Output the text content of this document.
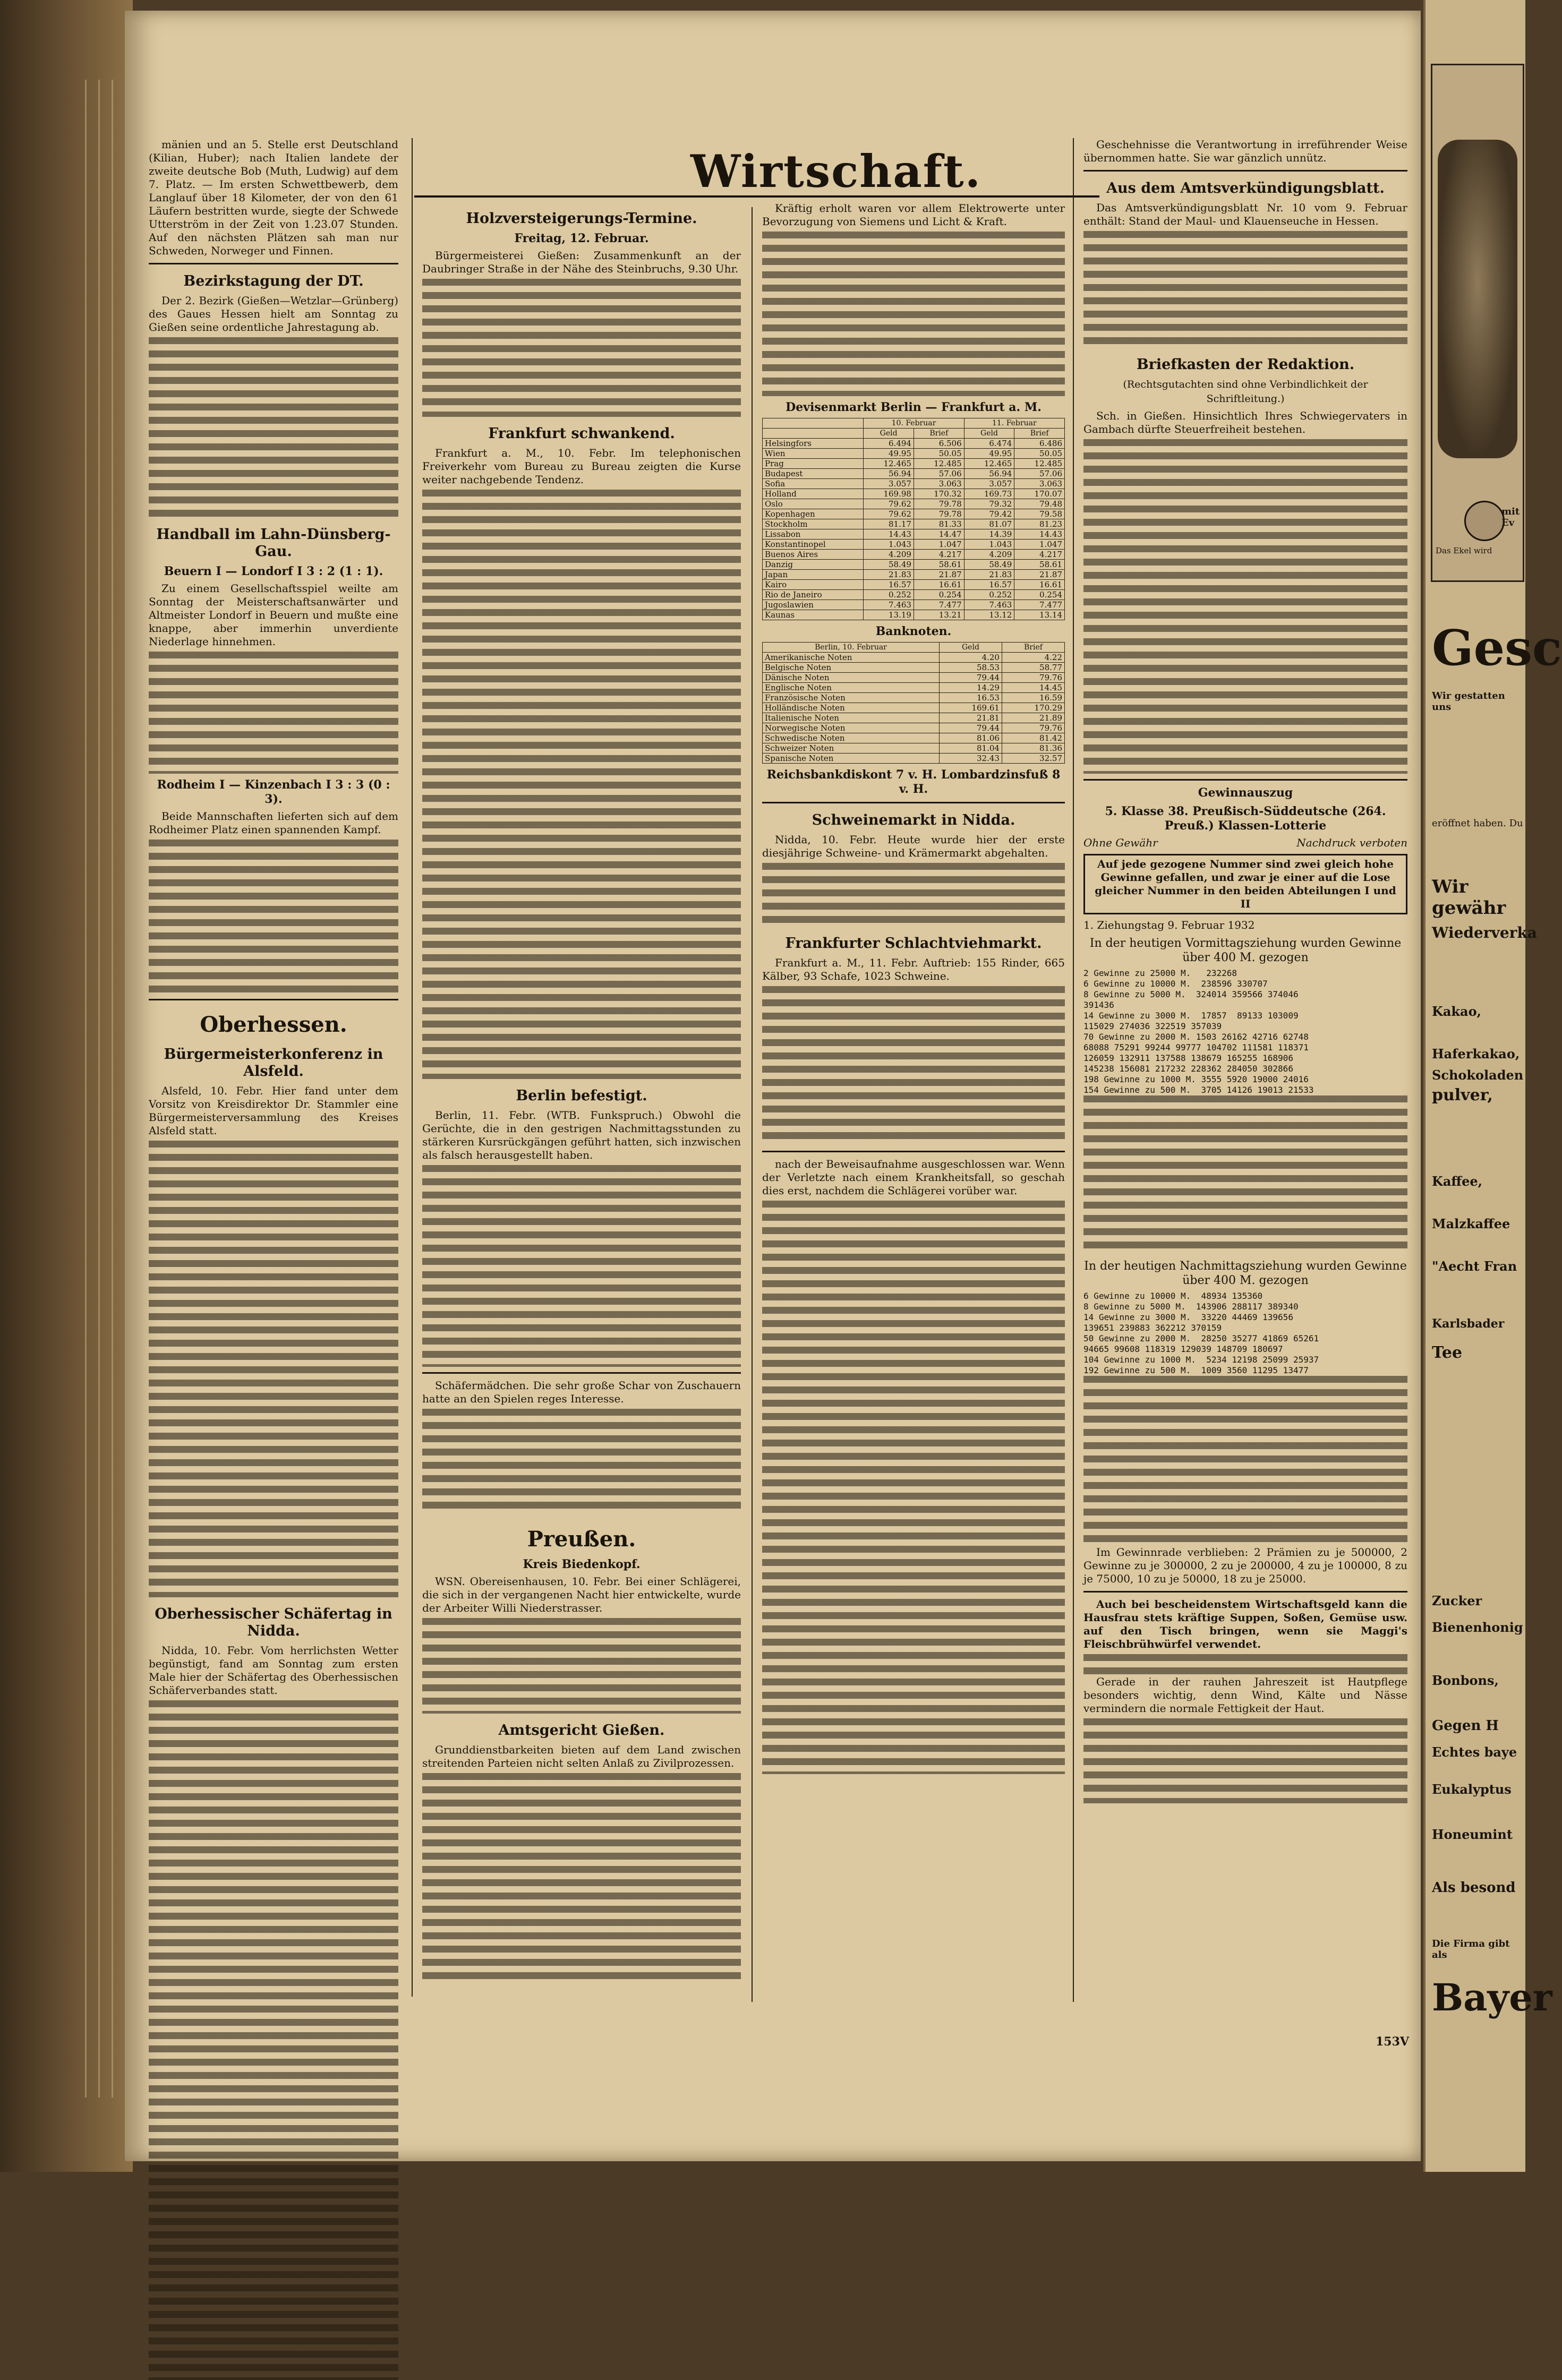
Wirtschaft.

mänien und an 5. Stelle erst Deutschland (Kilian, Huber); nach Italien landete der zweite deutsche Bob (Muth, Ludwig) auf dem 7. Platz. — Im ersten Schwettbewerb, dem Langlauf über 18 Kilometer, der von den 61 Läufern bestritten wurde, siegte der Schwede Utterström in der Zeit von 1.23.07 Stunden. Auf den nächsten Plätzen sah man nur Schweden, Norweger und Finnen.

Bezirkstagung der DT.

Der 2. Bezirk (Gießen—Wetzlar—Grünberg) des Gaues Hessen hielt am Sonntag zu Gießen seine ordentliche Jahrestagung ab.

Handball im Lahn-Dünsberg-Gau.
Beuern I — Londorf I 3 : 2 (1 : 1).

Zu einem Gesellschaftsspiel weilte am Sonntag der Meisterschaftsanwärter und Altmeister Londorf in Beuern und mußte eine knappe, aber immerhin unverdiente Niederlage hinnehmen.

Rodheim I — Kinzenbach I 3 : 3 (0 : 3).

Beide Mannschaften lieferten sich auf dem Rodheimer Platz einen spannenden Kampf.

Oberhessen.
Bürgermeisterkonferenz in Alsfeld.

Alsfeld, 10. Febr. Hier fand unter dem Vorsitz von Kreisdirektor Dr. Stammler eine Bürgermeisterversammlung des Kreises Alsfeld statt.

Oberhessischer Schäfertag in Nidda.

Nidda, 10. Febr. Vom herrlichsten Wetter begünstigt, fand am Sonntag zum ersten Male hier der Schäfertag des Oberhessischen Schäferverbandes statt.

Holzversteigerungs-Termine.
Freitag, 12. Februar.

Bürgermeisterei Gießen: Zusammenkunft an der Daubringer Straße in der Nähe des Steinbruchs, 9.30 Uhr.

Frankfurt schwankend.

Frankfurt a. M., 10. Febr. Im telephonischen Freiverkehr vom Bureau zu Bureau zeigten die Kurse weiter nachgebende Tendenz.

Berlin befestigt.

Berlin, 11. Febr. (WTB. Funkspruch.) Obwohl die Gerüchte, die in den gestrigen Nachmittagsstunden zu stärkeren Kursrückgängen geführt hatten, sich inzwischen als falsch herausgestellt haben.

Schäfermädchen. Die sehr große Schar von Zuschauern hatte an den Spielen reges Interesse.

Preußen.
Kreis Biedenkopf.

WSN. Obereisenhausen, 10. Febr. Bei einer Schlägerei, die sich in der vergangenen Nacht hier entwickelte, wurde der Arbeiter Willi Niederstrasser.

Amtsgericht Gießen.

Grunddienstbarkeiten bieten auf dem Land zwischen streitenden Parteien nicht selten Anlaß zu Zivilprozessen.

Kräftig erholt waren vor allem Elektrowerte unter Bevorzugung von Siemens und Licht & Kraft.

Devisenmarkt Berlin — Frankfurt a. M.
	10. Februar		11. Februar	
	Geld	Brief	Geld	Brief
Helsingfors	6.494	6.506	6.474	6.486
Wien	49.95	50.05	49.95	50.05
Prag	12.465	12.485	12.465	12.485
Budapest	56.94	57.06	56.94	57.06
Sofia	3.057	3.063	3.057	3.063
Holland	169.98	170.32	169.73	170.07
Oslo	79.62	79.78	79.32	79.48
Kopenhagen	79.62	79.78	79.42	79.58
Stockholm	81.17	81.33	81.07	81.23
Lissabon	14.43	14.47	14.39	14.43
Konstantinopel	1.043	1.047	1.043	1.047
Buenos Aires	4.209	4.217	4.209	4.217
Danzig	58.49	58.61	58.49	58.61
Japan	21.83	21.87	21.83	21.87
Kairo	16.57	16.61	16.57	16.61
Rio de Janeiro	0.252	0.254	0.252	0.254
Jugoslawien	7.463	7.477	7.463	7.477
Kaunas	13.19	13.21	13.12	13.14
Banknoten.
Berlin, 10. Februar	Geld	Brief
Amerikanische Noten	4.20	4.22
Belgische Noten	58.53	58.77
Dänische Noten	79.44	79.76
Englische Noten	14.29	14.45
Französische Noten	16.53	16.59
Holländische Noten	169.61	170.29
Italienische Noten	21.81	21.89
Norwegische Noten	79.44	79.76
Schwedische Noten	81.06	81.42
Schweizer Noten	81.04	81.36
Spanische Noten	32.43	32.57
Reichsbankdiskont 7 v. H. Lombardzinsfuß 8 v. H.
Schweinemarkt in Nidda.

Nidda, 10. Febr. Heute wurde hier der erste diesjährige Schweine- und Krämermarkt abgehalten.

Frankfurter Schlachtviehmarkt.

Frankfurt a. M., 11. Febr. Auftrieb: 155 Rinder, 665 Kälber, 93 Schafe, 1023 Schweine.

nach der Beweisaufnahme ausgeschlossen war. Wenn der Verletzte nach einem Krankheitsfall, so geschah dies erst, nachdem die Schlägerei vorüber war.

Geschehnisse die Verantwortung in irreführender Weise übernommen hatte. Sie war gänzlich unnütz.

Aus dem Amtsverkündigungsblatt.

Das Amtsverkündigungsblatt Nr. 10 vom 9. Februar enthält: Stand der Maul- und Klauenseuche in Hessen.

Briefkasten der Redaktion.
(Rechtsgutachten sind ohne Verbindlichkeit der Schriftleitung.)

Sch. in Gießen. Hinsichtlich Ihres Schwiegervaters in Gambach dürfte Steuerfreiheit bestehen.

Gewinnauszug
5. Klasse 38. Preußisch-Süddeutsche (264. Preuß.) Klassen-Lotterie
Ohne Gewähr	Nachdruck verboten
Auf jede gezogene Nummer sind zwei gleich hohe Gewinne gefallen, und zwar je einer auf die Lose gleicher Nummer in den beiden Abteilungen I und II

1. Ziehungstag 9. Februar 1932

In der heutigen Vormittagsziehung wurden Gewinne über 400 M. gezogen
2 Gewinne zu 25000 M.   232268
6 Gewinne zu 10000 M.  238596 330707
8 Gewinne zu 5000 M.  324014 359566 374046
391436
14 Gewinne zu 3000 M.  17857  89133 103009
115029 274036 322519 357039
70 Gewinne zu 2000 M. 1503 26162 42716 62748
68088 75291 99244 99777 104702 111581 118371
126059 132911 137588 138679 165255 168906
145238 156081 217232 228362 284050 302866
198 Gewinne zu 1000 M. 3555 5920 19000 24016
154 Gewinne zu 500 M.  3705 14126 19013 21533
In der heutigen Nachmittagsziehung wurden Gewinne über 400 M. gezogen
6 Gewinne zu 10000 M.  48934 135360
8 Gewinne zu 5000 M.  143906 288117 389340
14 Gewinne zu 3000 M.  33220 44469 139656
139651 239883 362212 370159
50 Gewinne zu 2000 M.  28250 35277 41869 65261
94665 99608 118319 129039 148709 180697
104 Gewinne zu 1000 M.  5234 12198 25099 25937
192 Gewinne zu 500 M.  1009 3560 11295 13477

Im Gewinnrade verblieben: 2 Prämien zu je 500000, 2 Gewinne zu je 300000, 2 zu je 200000, 4 zu je 100000, 8 zu je 75000, 10 zu je 50000, 18 zu je 25000.

Auch bei bescheidenstem Wirtschaftsgeld kann die Hausfrau stets kräftige Suppen, Soßen, Gemüse usw. auf den Tisch bringen, wenn sie Maggi's Fleischbrühwürfel verwendet.

Gerade in der rauhen Jahreszeit ist Hautpflege besonders wichtig, denn Wind, Kälte und Nässe vermindern die normale Fettigkeit der Haut.

153V
mit Ev
Das Ekel wird
Gesc
Wir gestatten uns
eröffnet haben. Du
Wir gewähr
Wiederverka
Kakao,
Haferkakao,
Schokoladen
pulver,
Kaffee,
Malzkaffee
"Aecht Fran
Karlsbader
Tee
Zucker
Bienenhonig
Bonbons,
Gegen H
Echtes baye
Eukalyptus
Honeumint
Als besond
Die Firma gibt als
Bayer
